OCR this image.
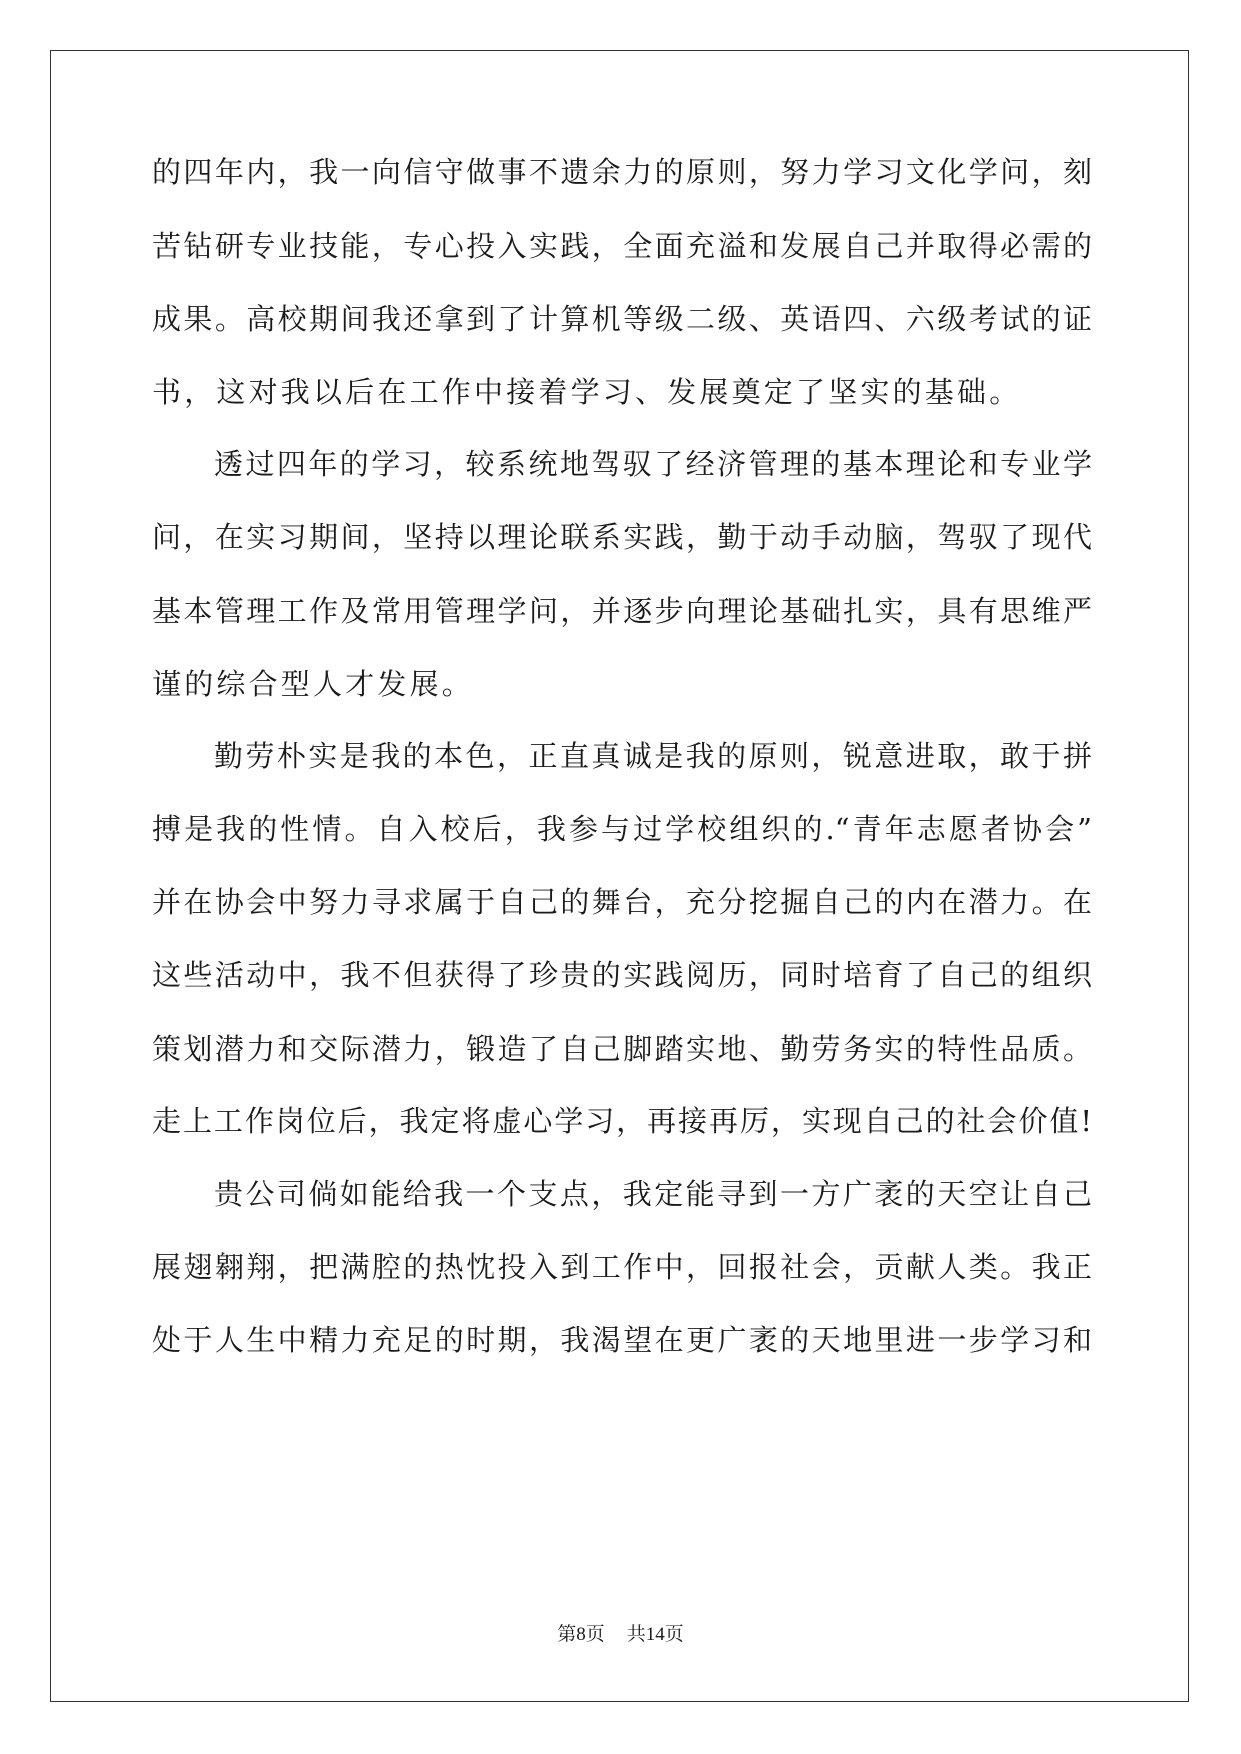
的四年内，我一向信守做事不遗余力的原则，努力学习文化学问，刻
苦钻研专业技能，专心投入实践，全面充溢和发展自己并取得必需的
成果。高校期间我还拿到了计算机等级二级、英语四、六级考试的证
书，这对我以后在工作中接着学习、发展奠定了坚实的基础。
透过四年的学习，较系统地驾驭了经济管理的基本理论和专业学
问，在实习期间，坚持以理论联系实践，勤于动手动脑，驾驭了现代
基本管理工作及常用管理学问，并逐步向理论基础扎实，具有思维严
谨的综合型人才发展。
勤劳朴实是我的本色，正直真诚是我的原则，锐意进取，敢于拼
搏是我的性情。自入校后，我参与过学校组织的.“青年志愿者协会”
并在协会中努力寻求属于自己的舞台，充分挖掘自己的内在潜力。在
这些活动中，我不但获得了珍贵的实践阅历，同时培育了自己的组织
策划潜力和交际潜力，锻造了自己脚踏实地、勤劳务实的特性品质。
走上工作岗位后，我定将虚心学习，再接再厉，实现自己的社会价值!
贵公司倘如能给我一个支点，我定能寻到一方广袤的天空让自己
展翅翱翔，把满腔的热忱投入到工作中，回报社会，贡献人类。我正
处于人生中精力充足的时期，我渴望在更广袤的天地里进一步学习和
第8页 共14页
